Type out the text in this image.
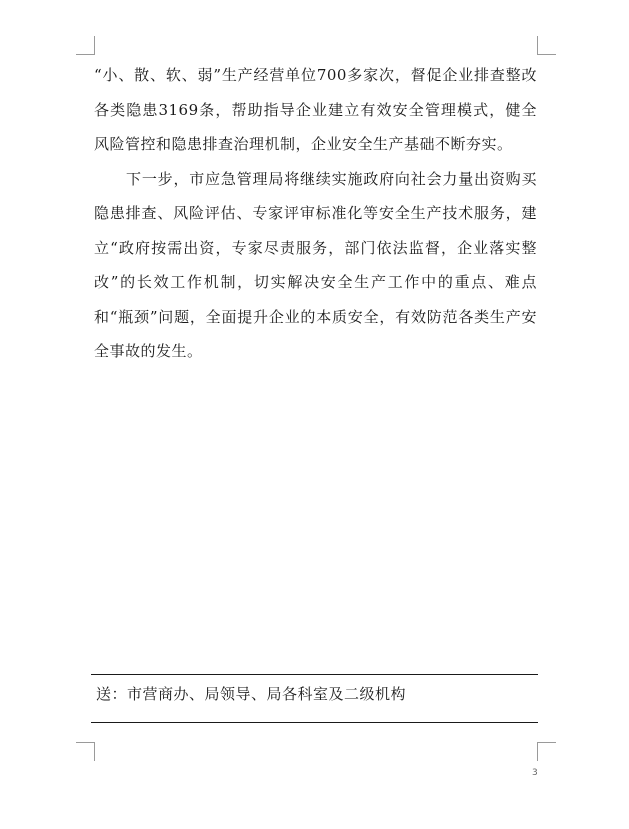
“小、散、软、弱”生产经营单位700多家次，督促企业排查整改各类隐患3169条，帮助指导企业建立有效安全管理模式，健全风险管控和隐患排查治理机制，企业安全生产基础不断夯实。

下一步，市应急管理局将继续实施政府向社会力量出资购买隐患排查、风险评估、专家评审标准化等安全生产技术服务，建立“政府按需出资，专家尽责服务，部门依法监督，企业落实整改”的长效工作机制，切实解决安全生产工作中的重点、难点和“瓶颈”问题，全面提升企业的本质安全，有效防范各类生产安全事故的发生。

送：市营商办、局领导、局各科室及二级机构
3
